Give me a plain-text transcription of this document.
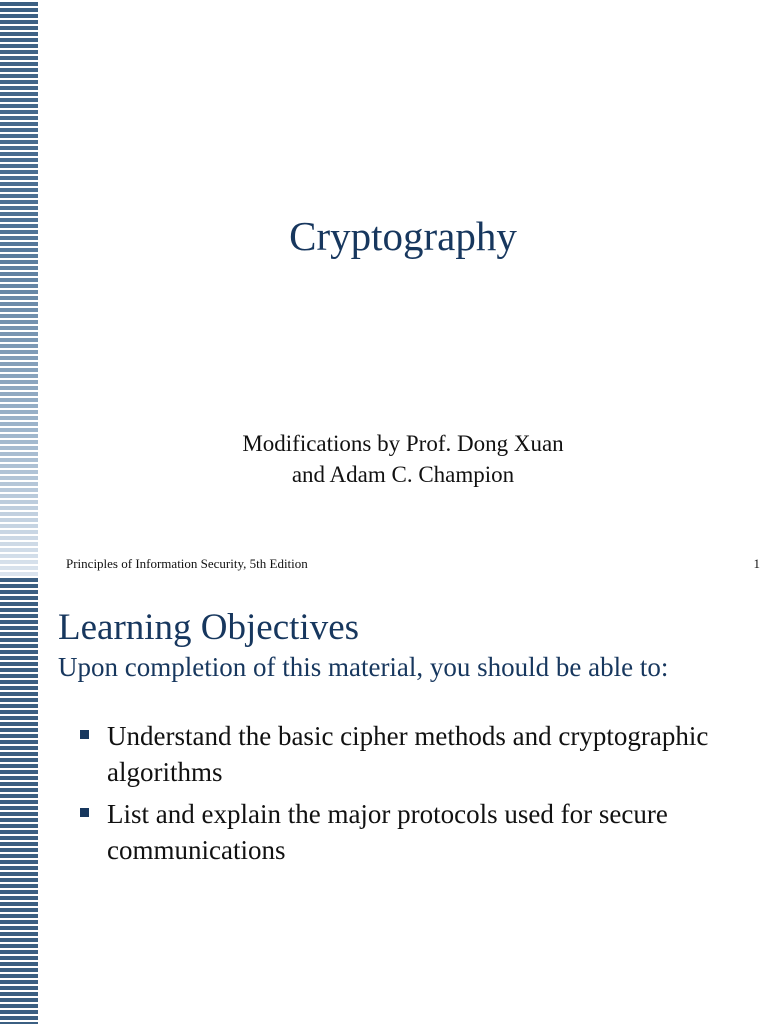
Cryptography
Modifications by Prof. Dong Xuan
and Adam C. Champion
Principles of Information Security, 5th Edition	1
Learning Objectives
Upon completion of this material, you should be able to:
Understand the basic cipher methods and cryptographic algorithms
List and explain the major protocols used for secure communications
